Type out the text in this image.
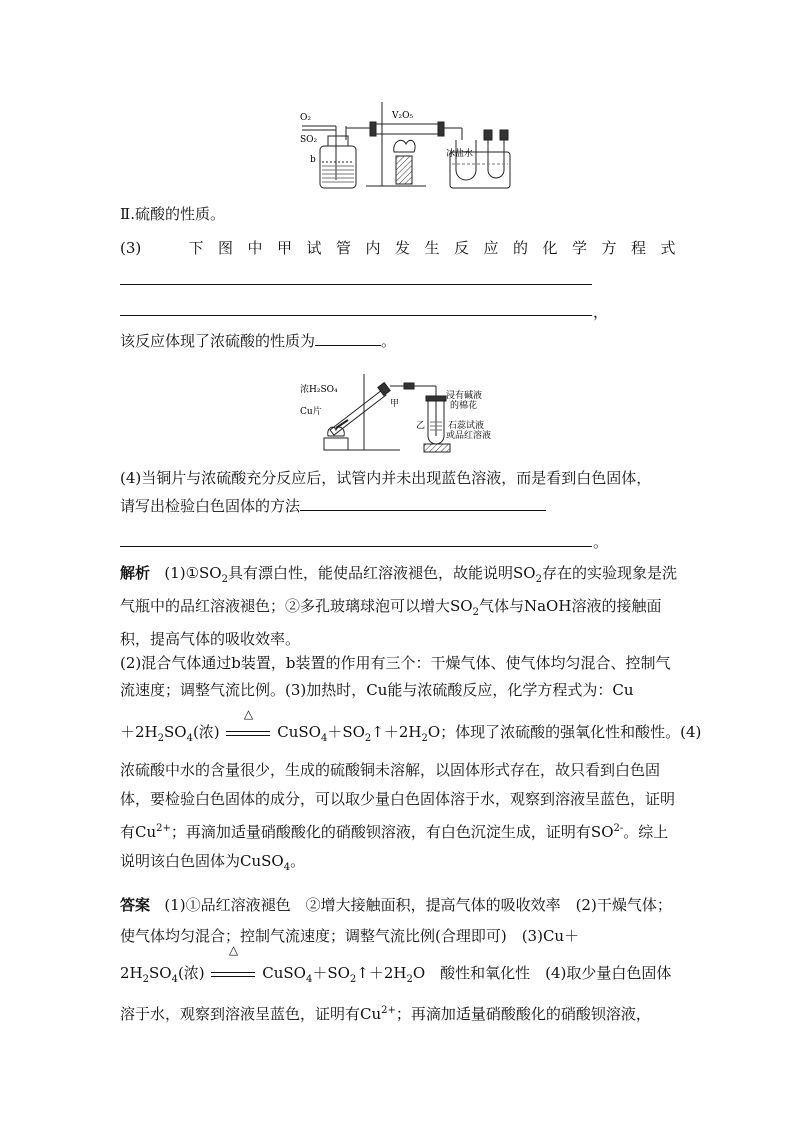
O₂
SO₂
b
V₂O₅
冰盐水
Ⅱ.硫酸的性质。
(3)	下图中甲试管内发生反应的化学方程式
，
该反应体现了浓硫酸的性质为	。
浓H₂SO₄
Cu片
甲
乙
浸有碱液
的棉花
石蕊试液
或品红溶液
(4)当铜片与浓硫酸充分反应后，试管内并未出现蓝色溶液，而是看到白色固体，
请写出检验白色固体的方法
。
解析 $(1)①SO_2$具有漂白性，能使品红溶液褪色，故能说明$SO_2$存在的实验现象是洗气瓶中的品红溶液褪色；②多孔玻璃球泡可以增大$SO_2$气体与NaOH溶液的接触面积，提高气体的吸收效率。
(2)混合气体通过b装置，b装置的作用有三个：干燥气体、使气体均匀混合、控制气流速度；调整气流比例。(3)加热时，Cu能与浓硫酸反应，化学方程式为：Cu
$+2H_2SO_4$(浓)
△
$CuSO_4+SO_2↑+2H_2O$；体现了浓硫酸的强氧化性和酸性。(4)
浓硫酸中水的含量很少，生成的硫酸铜未溶解，以固体形式存在，故只看到白色固体，要检验白色固体的成分，可以取少量白色固体溶于水，观察到溶液呈蓝色，证明有$Cu^{2+}$；再滴加适量硝酸酸化的硝酸钡溶液，有白色沉淀生成，证明有$SO^{2-}$。综上说明该白色固体为CuSO$_4$。
答案 (1)①品红溶液褪色　②增大接触面积，提高气体的吸收效率　(2)干燥气体；使气体均匀混合；控制气流速度；调整气流比例(合理即可)　(3)Cu＋
$2H_2SO_4$(浓)
△
$CuSO_4+SO_2↑+2H_2O$　酸性和氧化性　(4)取少量白色固体溶于水，观察到溶液呈蓝色，证明有$Cu^{2+}$；再滴加适量硝酸酸化的硝酸钡溶液，
